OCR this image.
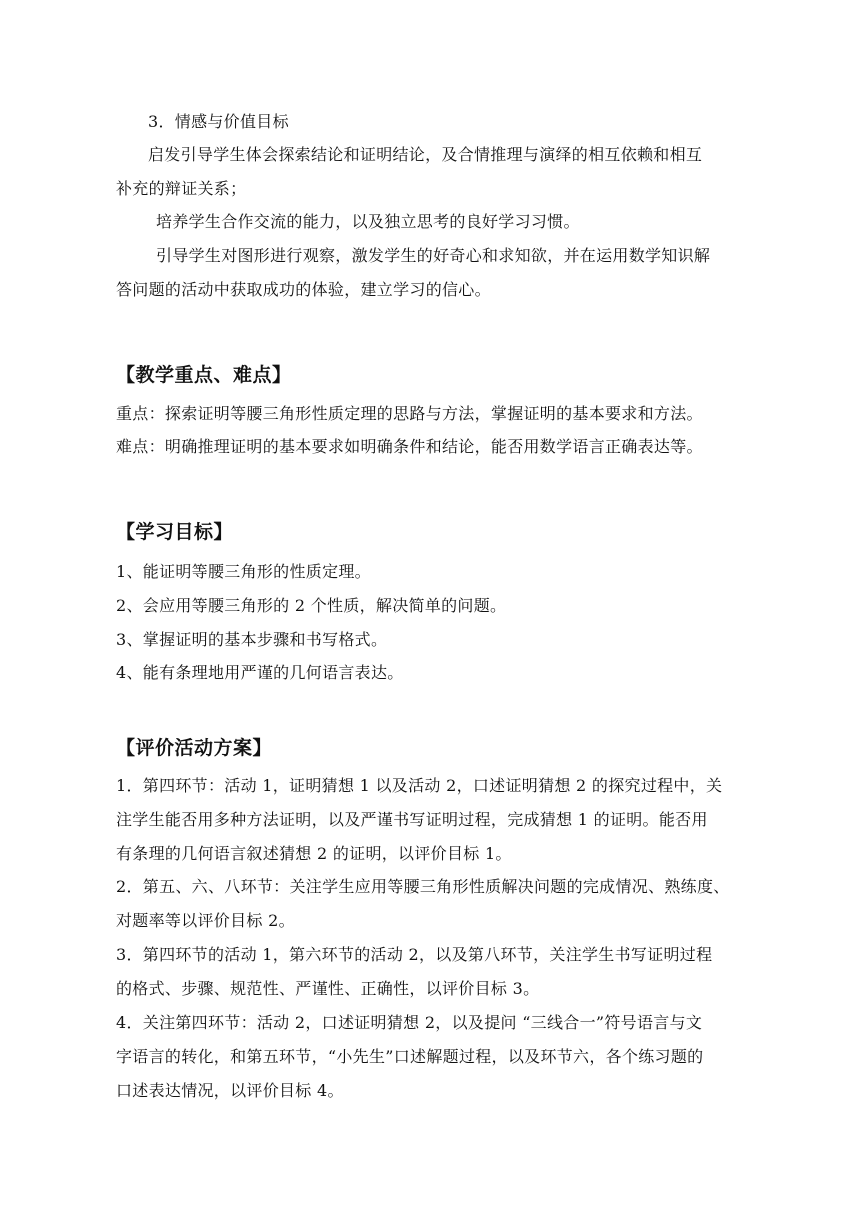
3．情感与价值目标
启发引导学生体会探索结论和证明结论，及合情推理与演绎的相互依赖和相互
补充的辩证关系；
培养学生合作交流的能力，以及独立思考的良好学习习惯。
引导学生对图形进行观察，激发学生的好奇心和求知欲，并在运用数学知识解
答问题的活动中获取成功的体验，建立学习的信心。
【教学重点、难点】
重点：探索证明等腰三角形性质定理的思路与方法，掌握证明的基本要求和方法。
难点：明确推理证明的基本要求如明确条件和结论，能否用数学语言正确表达等。
【学习目标】
1、能证明等腰三角形的性质定理。
2、会应用等腰三角形的 2 个性质，解决简单的问题。
3、掌握证明的基本步骤和书写格式。
4、能有条理地用严谨的几何语言表达。
【评价活动方案】
1．第四环节：活动 1，证明猜想 1 以及活动 2，口述证明猜想 2 的探究过程中，关
注学生能否用多种方法证明，以及严谨书写证明过程，完成猜想 1 的证明。能否用
有条理的几何语言叙述猜想 2 的证明，以评价目标 1。
2．第五、六、八环节：关注学生应用等腰三角形性质解决问题的完成情况、熟练度、
对题率等以评价目标 2。
3．第四环节的活动 1，第六环节的活动 2，以及第八环节，关注学生书写证明过程
的格式、步骤、规范性、严谨性、正确性，以评价目标 3。
4．关注第四环节：活动 2，口述证明猜想 2，以及提问 “三线合一”符号语言与文
字语言的转化，和第五环节，“小先生”口述解题过程，以及环节六，各个练习题的
口述表达情况，以评价目标 4。
